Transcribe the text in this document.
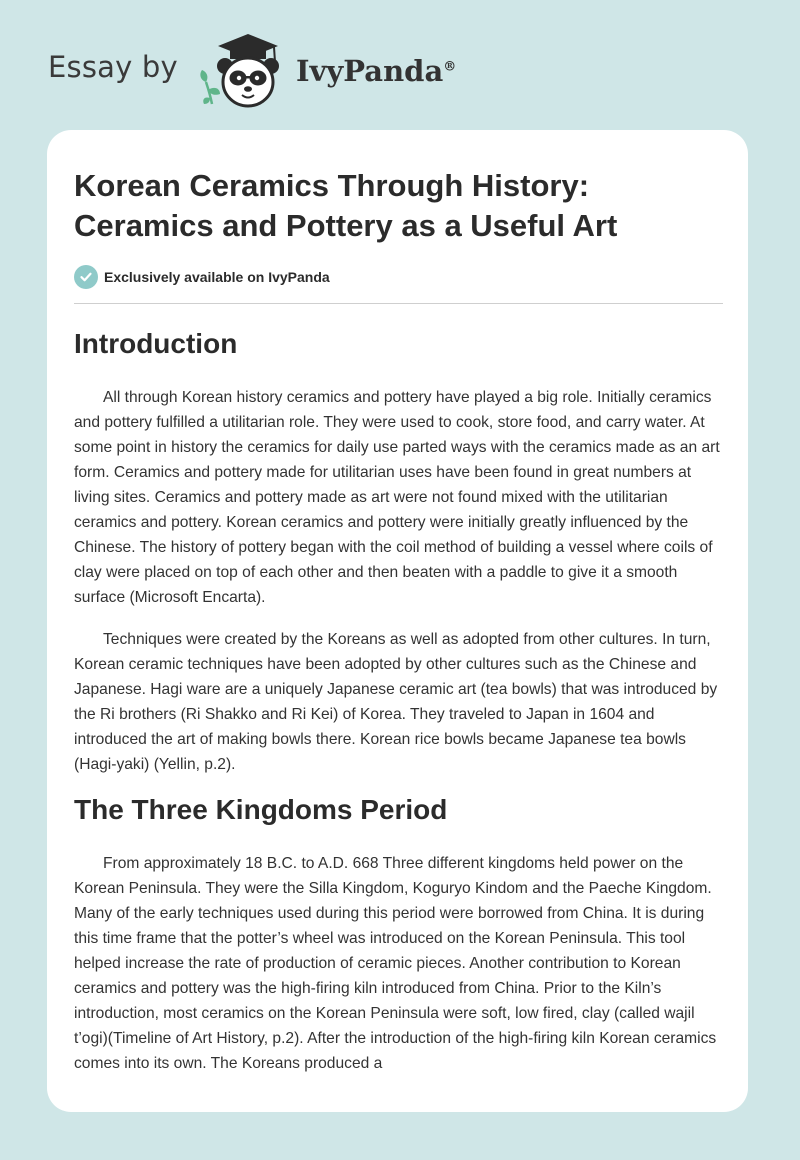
Essay by	IvyPanda®
Korean Ceramics Through History: Ceramics and Pottery as a Useful Art
Exclusively available on IvyPanda
Introduction

All through Korean history ceramics and pottery have played a big role. Initially ceramics and pottery fulfilled a utilitarian role. They were used to cook, store food, and carry water. At some point in history the ceramics for daily use parted ways with the ceramics made as an art form. Ceramics and pottery made for utilitarian uses have been found in great numbers at living sites. Ceramics and pottery made as art were not found mixed with the utilitarian ceramics and pottery. Korean ceramics and pottery were initially greatly influenced by the Chinese. The history of pottery began with the coil method of building a vessel where coils of clay were placed on top of each other and then beaten with a paddle to give it a smooth surface (Microsoft Encarta).

Techniques were created by the Koreans as well as adopted from other cultures. In turn, Korean ceramic techniques have been adopted by other cultures such as the Chinese and Japanese. Hagi ware are a uniquely Japanese ceramic art (tea bowls) that was introduced by the Ri brothers (Ri Shakko and Ri Kei) of Korea. They traveled to Japan in 1604 and introduced the art of making bowls there. Korean rice bowls became Japanese tea bowls (Hagi-yaki) (Yellin, p.2).

The Three Kingdoms Period

From approximately 18 B.C. to A.D. 668 Three different kingdoms held power on the Korean Peninsula. They were the Silla Kingdom, Koguryo Kindom and the Paeche Kingdom. Many of the early techniques used during this period were borrowed from China. It is during this time frame that the potter’s wheel was introduced on the Korean Peninsula. This tool helped increase the rate of production of ceramic pieces. Another contribution to Korean ceramics and pottery was the high-firing kiln introduced from China. Prior to the Kiln’s introduction, most ceramics on the Korean Peninsula were soft, low fired, clay (called wajil t’ogi)(Timeline of Art History, p.2). After the introduction of the high-firing kiln Korean ceramics comes into its own. The Koreans produced a
